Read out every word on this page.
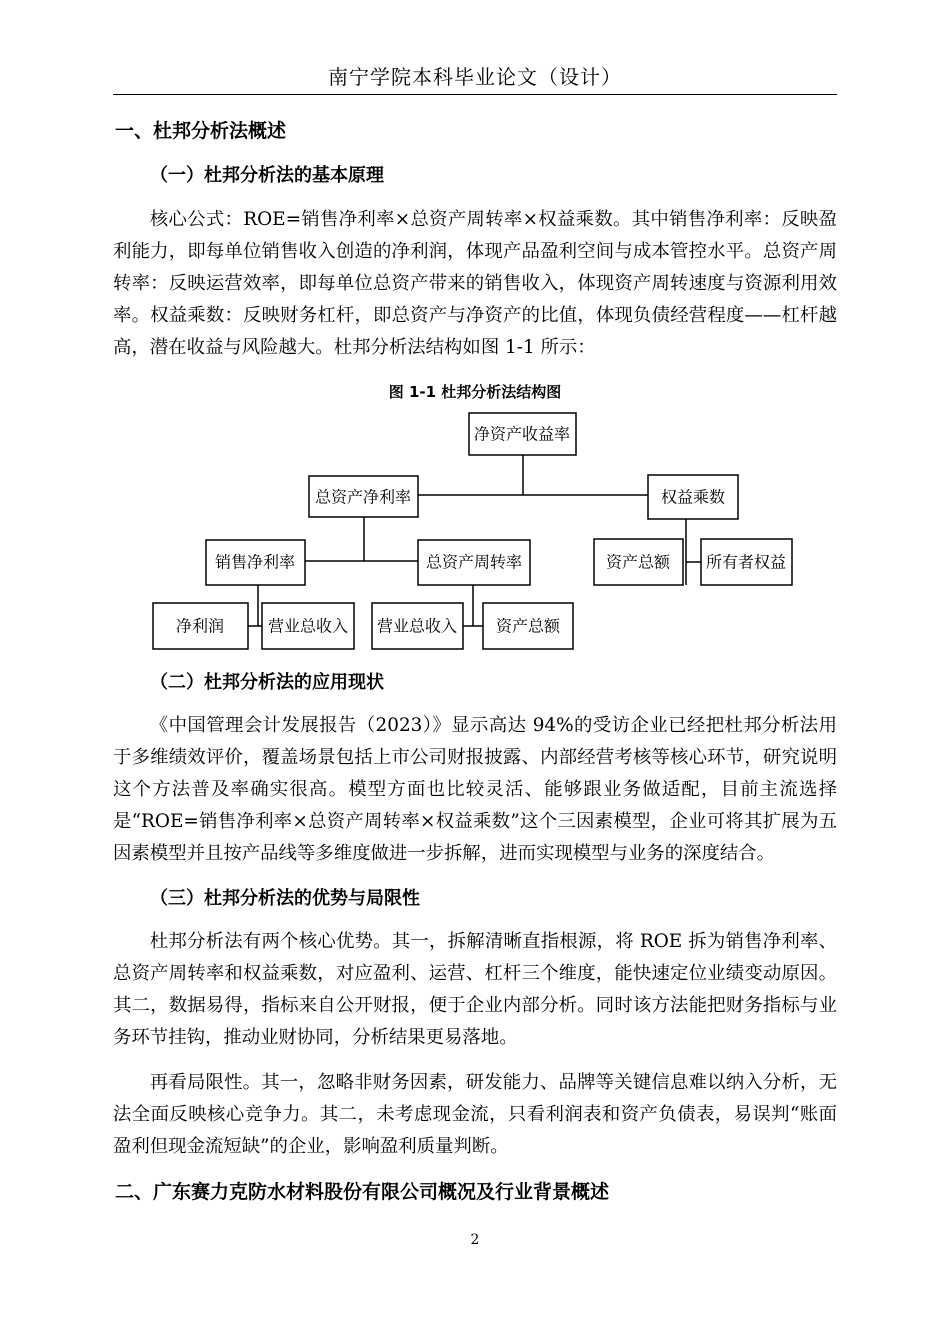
南宁学院本科毕业论文（设计）
一、杜邦分析法概述
（一）杜邦分析法的基本原理

核心公式：ROE=销售净利率×总资产周转率×权益乘数。其中销售净利率：反映盈利能力，即每单位销售收入创造的净利润，体现产品盈利空间与成本管控水平。总资产周转率：反映运营效率，即每单位总资产带来的销售收入，体现资产周转速度与资源利用效率。权益乘数：反映财务杠杆，即总资产与净资产的比值，体现负债经营程度——杠杆越高，潜在收益与风险越大。杜邦分析法结构如图 1-1 所示：

图 1-1 杜邦分析法结构图
净资产收益率
总资产净利率	权益乘数
销售净利率	总资产周转率	资产总额 所有者权益
净利润	营业总收入 营业总收入 资产总额
（二）杜邦分析法的应用现状

《中国管理会计发展报告（2023）》显示高达 94%的受访企业已经把杜邦分析法用于多维绩效评价，覆盖场景包括上市公司财报披露、内部经营考核等核心环节，研究说明这个方法普及率确实很高。模型方面也比较灵活、能够跟业务做适配，目前主流选择是“ROE=销售净利率×总资产周转率×权益乘数”这个三因素模型，企业可将其扩展为五因素模型并且按产品线等多维度做进一步拆解，进而实现模型与业务的深度结合。

（三）杜邦分析法的优势与局限性

杜邦分析法有两个核心优势。其一，拆解清晰直指根源，将 ROE 拆为销售净利率、总资产周转率和权益乘数，对应盈利、运营、杠杆三个维度，能快速定位业绩变动原因。其二，数据易得，指标来自公开财报，便于企业内部分析。同时该方法能把财务指标与业务环节挂钩，推动业财协同，分析结果更易落地。

再看局限性。其一，忽略非财务因素，研发能力、品牌等关键信息难以纳入分析，无法全面反映核心竞争力。其二，未考虑现金流，只看利润表和资产负债表，易误判“账面盈利但现金流短缺”的企业，影响盈利质量判断。

二、广东赛力克防水材料股份有限公司概况及行业背景概述
2
